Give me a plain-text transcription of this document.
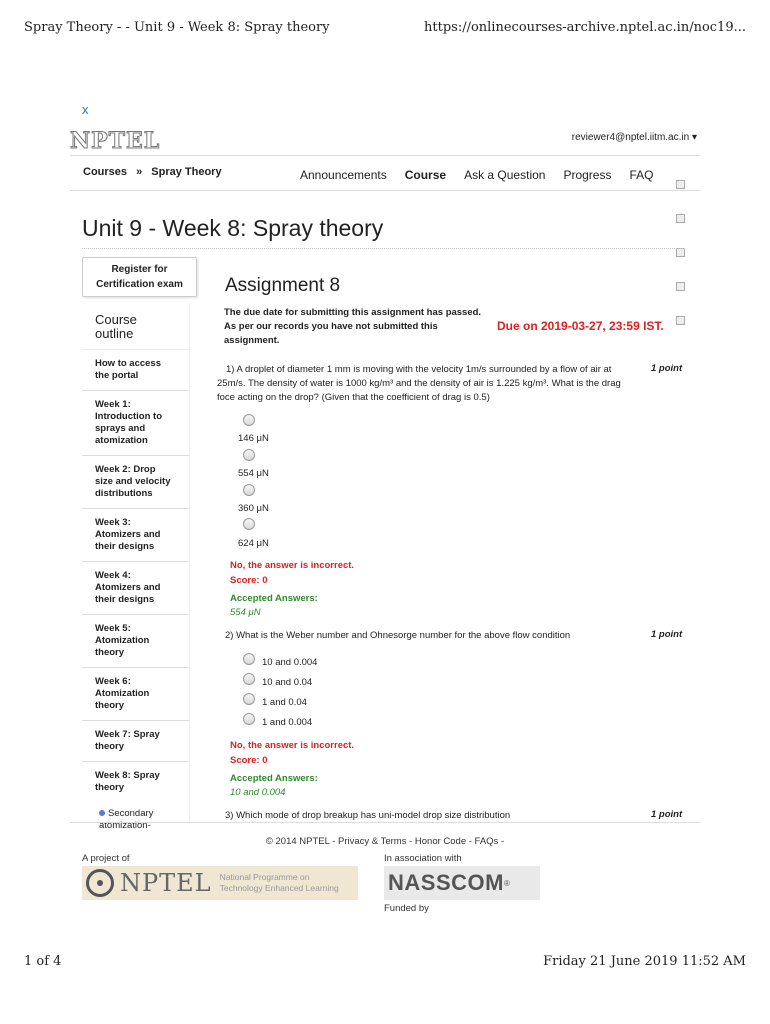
Spray Theory - - Unit 9 - Week 8: Spray theory	https://onlinecourses-archive.nptel.ac.in/noc19...
x
NPTEL	reviewer4@nptel.iitm.ac.in ▾
Courses » Spray Theory	Announcements Course Ask a Question Progress FAQ
Unit 9 - Week 8: Spray theory
Register for
Certification exam
Course
outline
How to access the portal
Week 1: Introduction to sprays and atomization
Week 2: Drop size and velocity distributions
Week 3: Atomizers and their designs
Week 4: Atomizers and their designs
Week 5: Atomization theory
Week 6: Atomization theory
Week 7: Spray theory
Week 8: Spray theory
Secondary atomization-
Assignment 8
The due date for submitting this assignment has passed. As per our records you have not submitted this assignment.
Due on 2019-03-27, 23:59 IST.
1) A droplet of diameter 1 mm is moving with the velocity 1m/s surrounded by a flow of air at	1 point
25m/s. The density of water is 1000 kg/m³ and the density of air is 1.225 kg/m³. What is the drag
foce acting on the drop? (Given that the coefficient of drag is 0.5)
146 μN
554 μN
360 μN
624 μN
No, the answer is incorrect.
Score: 0
Accepted Answers:
554 μN
2) What is the Weber number and Ohnesorge number for the above flow condition	1 point
10 and 0.004
10 and 0.04
1 and 0.04
1 and 0.004
No, the answer is incorrect.
Score: 0
Accepted Answers:
10 and 0.004
3) Which mode of drop breakup has uni-model drop size distribution	1 point
© 2014 NPTEL - Privacy & Terms - Honor Code - FAQs -
A project of	In association with
NPTEL National Programme on
Technology Enhanced Learning NASSCOM ®
Funded by
1 of 4	Friday 21 June 2019 11:52 AM
